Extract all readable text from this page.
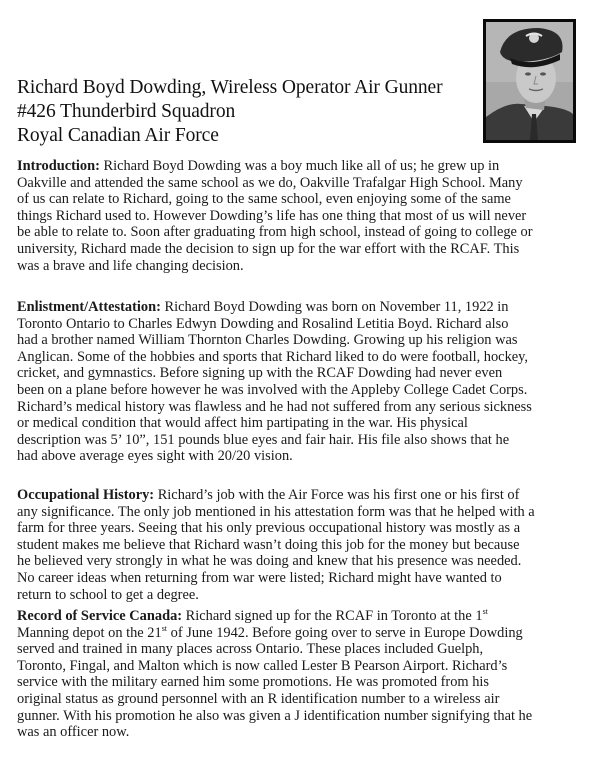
Richard Boyd Dowding, Wireless Operator Air Gunner
#426 Thunderbird Squadron
Royal Canadian Air Force
Introduction: Richard Boyd Dowding was a boy much like all of us; he grew up in
Oakville and attended the same school as we do, Oakville Trafalgar High School. Many
of us can relate to Richard, going to the same school, even enjoying some of the same
things Richard used to. However Dowding’s life has one thing that most of us will never
be able to relate to. Soon after graduating from high school, instead of going to college or
university, Richard made the decision to sign up for the war effort with the RCAF. This
was a brave and life changing decision.
Enlistment/Attestation: Richard Boyd Dowding was born on November 11, 1922 in
Toronto Ontario to Charles Edwyn Dowding and Rosalind Letitia Boyd. Richard also
had a brother named William Thornton Charles Dowding. Growing up his religion was
Anglican. Some of the hobbies and sports that Richard liked to do were football, hockey,
cricket, and gymnastics. Before signing up with the RCAF Dowding had never even
been on a plane before however he was involved with the Appleby College Cadet Corps.
Richard’s medical history was flawless and he had not suffered from any serious sickness
or medical condition that would affect him partipating in the war. His physical
description was 5’ 10”, 151 pounds blue eyes and fair hair. His file also shows that he
had above average eyes sight with 20/20 vision.
Occupational History: Richard’s job with the Air Force was his first one or his first of
any significance. The only job mentioned in his attestation form was that he helped with a
farm for three years. Seeing that his only previous occupational history was mostly as a
student makes me believe that Richard wasn’t doing this job for the money but because
he believed very strongly in what he was doing and knew that his presence was needed.
No career ideas when returning from war were listed; Richard might have wanted to
return to school to get a degree.
Record of Service Canada: Richard signed up for the RCAF in Toronto at the 1st
Manning depot on the 21st of June 1942. Before going over to serve in Europe Dowding
served and trained in many places across Ontario. These places included Guelph,
Toronto, Fingal, and Malton which is now called Lester B Pearson Airport. Richard’s
service with the military earned him some promotions. He was promoted from his
original status as ground personnel with an R identification number to a wireless air
gunner. With his promotion he also was given a J identification number signifying that he
was an officer now.
